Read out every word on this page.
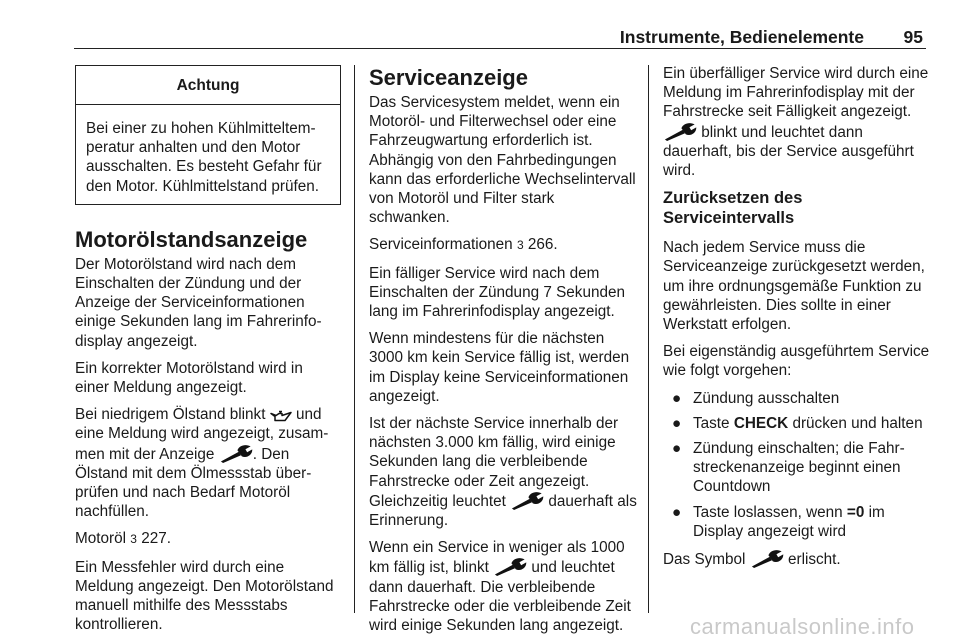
Instrumente, Bedienelemente 95
Achtung

Bei einer zu hohen Kühlmitteltemperatur anhalten und den Motor ausschalten. Es besteht Gefahr für den Motor. Kühlmittelstand prüfen.

Motorölstandsanzeige

Der Motorölstand wird nach dem Einschalten der Zündung und der Anzeige der Serviceinformationen einige Sekunden lang im Fahrerinfodisplay angezeigt.

Ein korrekter Motorölstand wird in einer Meldung angezeigt.

Bei niedrigem Ölstand blinkt und eine Meldung wird angezeigt, zusammen mit der Anzeige	. Den Ölstand mit dem Ölmessstab überprüfen und nach Bedarf Motoröl nachfüllen.

Motoröl 3 227.

Ein Messfehler wird durch eine Meldung angezeigt. Den Motorölstand manuell mithilfe des Messstabs kontrollieren.

Serviceanzeige

Das Servicesystem meldet, wenn ein Motoröl- und Filterwechsel oder eine Fahrzeugwartung erforderlich ist. Abhängig von den Fahrbedingungen kann das erforderliche Wechselintervall von Motoröl und Filter stark schwanken.

Serviceinformationen 3 266.

Ein fälliger Service wird nach dem Einschalten der Zündung 7 Sekunden lang im Fahrerinfodisplay angezeigt.

Wenn mindestens für die nächsten 3000 km kein Service fällig ist, werden im Display keine Serviceinformationen angezeigt.

Ist der nächste Service innerhalb der nächsten 3.000 km fällig, wird einige Sekunden lang die verbleibende Fahrstrecke oder Zeit angezeigt. Gleichzeitig leuchtet	dauerhaft als Erinnerung.

Wenn ein Service in weniger als 1000 km fällig ist, blinkt	und leuchtet dann dauerhaft. Die verbleibende Fahrstrecke oder die verbleibende Zeit wird einige Sekunden lang angezeigt.

Ein überfälliger Service wird durch eine Meldung im Fahrerinfodisplay mit der Fahrstrecke seit Fälligkeit angezeigt.  blinkt und leuchtet dann dauerhaft, bis der Service ausgeführt wird.

Zurücksetzen des Serviceintervalls

Nach jedem Service muss die Serviceanzeige zurückgesetzt werden, um ihre ordnungsgemäße Funktion zu gewährleisten. Dies sollte in einer Werkstatt erfolgen.

Bei eigenständig ausgeführtem Service wie folgt vorgehen:

● Zündung ausschalten
● Taste CHECK drücken und halten
● Zündung einschalten; die Fahrstreckenanzeige beginnt einen Countdown
● Taste loslassen, wenn =0 im Display angezeigt wird

Das Symbol	erlischt.

carmanualsonline.info
